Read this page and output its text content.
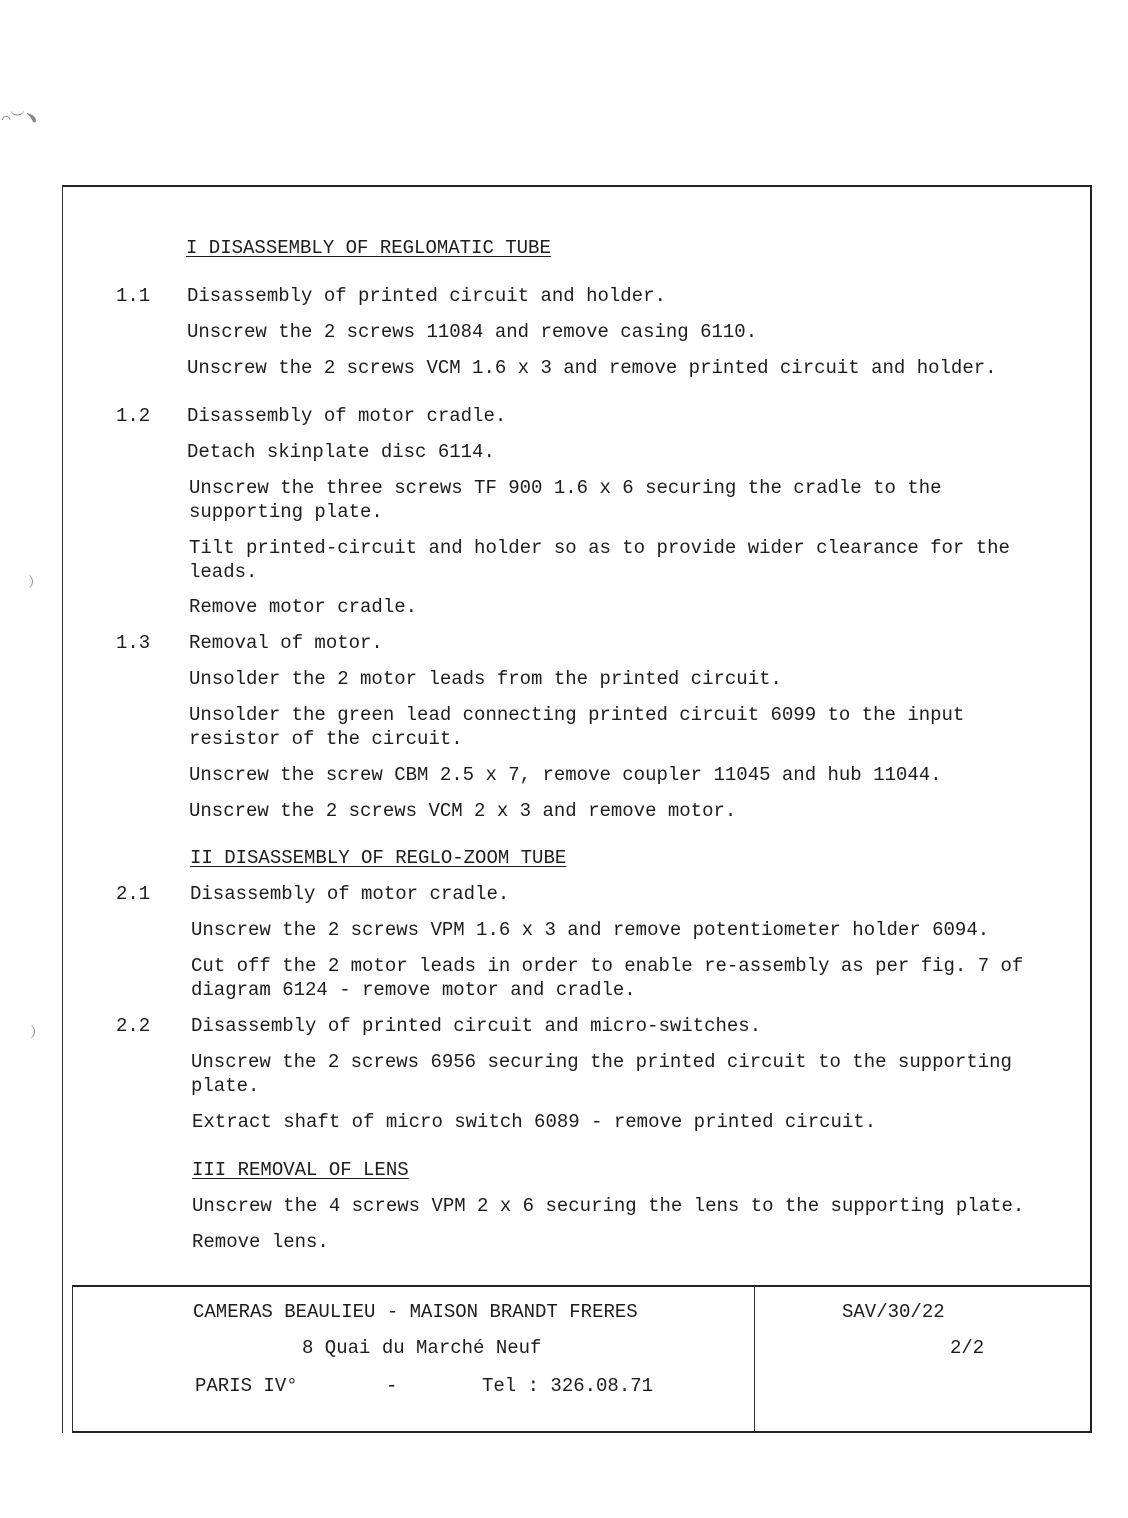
⌒︶﹅
）
）
I DISASSEMBLY OF REGLOMATIC TUBE
1.1 Disassembly of printed circuit and holder.
Unscrew the 2 screws 11084 and remove casing 6110.
Unscrew the 2 screws VCM 1.6 x 3 and remove printed circuit and holder.
1.2 Disassembly of motor cradle.
Detach skinplate disc 6114.
Unscrew the three screws TF 900 1.6 x 6 securing the cradle to the supporting plate.
Tilt printed-circuit and holder so as to provide wider clearance for the leads.
Remove motor cradle.
1.3 Removal of motor.
Unsolder the 2 motor leads from the printed circuit.
Unsolder the green lead connecting printed circuit 6099 to the input resistor of the circuit.
Unscrew the screw CBM 2.5 x 7, remove coupler 11045 and hub 11044.
Unscrew the 2 screws VCM 2 x 3 and remove motor.
II DISASSEMBLY OF REGLO-ZOOM TUBE
2.1 Disassembly of motor cradle.
Unscrew the 2 screws VPM 1.6 x 3 and remove potentiometer holder 6094.
Cut off the 2 motor leads in order to enable re-assembly as per fig. 7 of diagram 6124 - remove motor and cradle.
2.2 Disassembly of printed circuit and micro-switches.
Unscrew the 2 screws 6956 securing the printed circuit to the supporting plate.
Extract shaft of micro switch 6089 - remove printed circuit.
III REMOVAL OF LENS
Unscrew the 4 screws VPM 2 x 6 securing the lens to the supporting plate.
Remove lens.
CAMERAS BEAULIEU - MAISON BRANDT FRERES
8 Quai du Marché Neuf
PARIS IV°	-	Tel : 326.08.71
SAV/30/22
2/2
